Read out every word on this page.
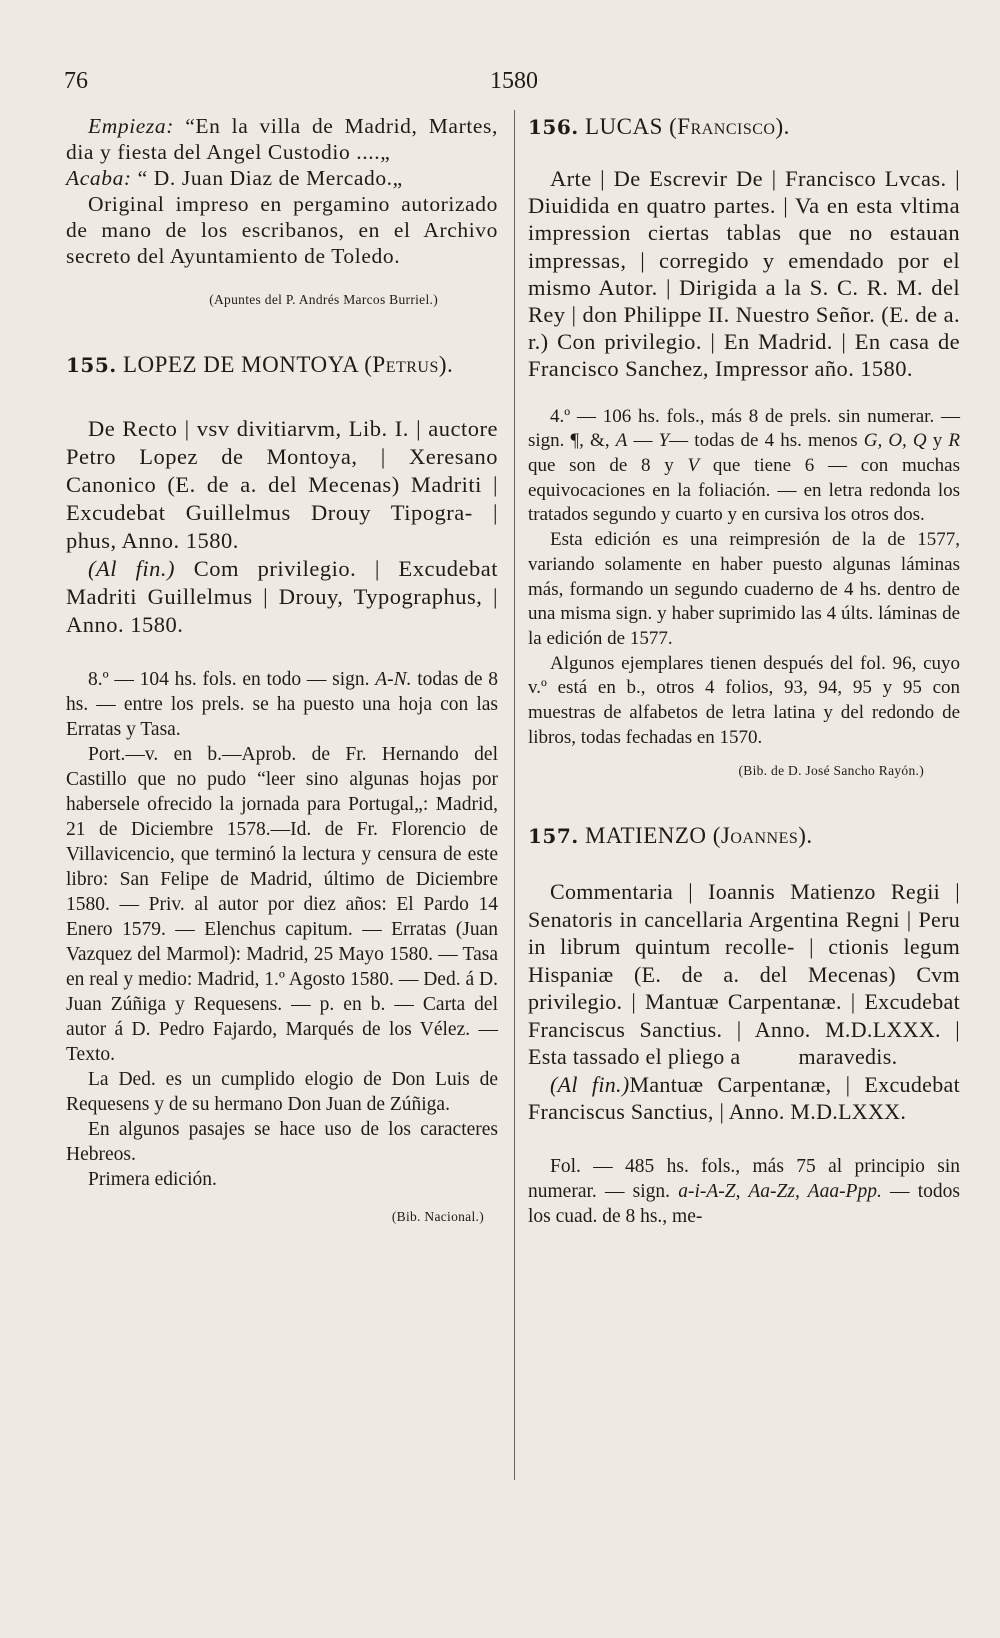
76	1580

Empieza: “En la villa de Madrid, Martes, dia y fiesta del Angel Custodio ....„
Acaba: “ D. Juan Diaz de Mercado.„

Original impreso en pergamino autorizado de mano de los escribanos, en el Archivo secreto del Ayuntamiento de Toledo.

(Apuntes del P. Andrés Marcos Burriel.)

155. LOPEZ DE MONTOYA (Petrus).

De Recto | vsv divitiarvm, Lib. I. | auctore Petro Lopez de Montoya, | Xeresano Canonico (E. de a. del Mecenas) Madriti | Excudebat Guillelmus Drouy Tipogra- | phus, Anno. 1580.

(Al fin.) Com privilegio. | Excudebat Madriti Guillelmus | Drouy, Typographus, | Anno. 1580.

8.º — 104 hs. fols. en todo — sign. A-N. todas de 8 hs. — entre los prels. se ha puesto una hoja con las Erratas y Tasa.

Port.—v. en b.—Aprob. de Fr. Hernando del Castillo que no pudo “leer sino algunas hojas por habersele ofrecido la jornada para Portugal„: Madrid, 21 de Diciembre 1578.—Id. de Fr. Florencio de Villavicencio, que terminó la lectura y censura de este libro: San Felipe de Madrid, último de Diciembre 1580. — Priv. al autor por diez años: El Pardo 14 Enero 1579. — Elenchus capitum. — Erratas (Juan Vazquez del Marmol): Madrid, 25 Mayo 1580. — Tasa en real y medio: Madrid, 1.º Agosto 1580. — Ded. á D. Juan Zúñiga y Requesens. — p. en b. — Carta del autor á D. Pedro Fajardo, Marqués de los Vélez. — Texto.

La Ded. es un cumplido elogio de Don Luis de Requesens y de su hermano Don Juan de Zúñiga.

En algunos pasajes se hace uso de los caracteres Hebreos.

Primera edición.

(Bib. Nacional.)

156. LUCAS (Francisco).

Arte | De Escrevir De | Francisco Lvcas. | Diuidida en quatro partes. | Va en esta vltima impression ciertas tablas que no estauan impressas, | corregido y emendado por el mismo Autor. | Dirigida a la S. C. R. M. del Rey | don Philippe II. Nuestro Señor. (E. de a. r.) Con privilegio. | En Madrid. | En casa de Francisco Sanchez, Impressor año. 1580.

4.º — 106 hs. fols., más 8 de prels. sin numerar. — sign. ¶, &, A — Y— todas de 4 hs. menos G, O, Q y R que son de 8 y V que tiene 6 — con muchas equivocaciones en la foliación. — en letra redonda los tratados segundo y cuarto y en cursiva los otros dos.

Esta edición es una reimpresión de la de 1577, variando solamente en haber puesto algunas láminas más, formando un segundo cuaderno de 4 hs. dentro de una misma sign. y haber suprimido las 4 últs. láminas de la edición de 1577.

Algunos ejemplares tienen después del fol. 96, cuyo v.º está en b., otros 4 folios, 93, 94, 95 y 95 con muestras de alfabetos de letra latina y del redondo de libros, todas fechadas en 1570.

(Bib. de D. José Sancho Rayón.)

157. MATIENZO (Joannes).

Commentaria | Ioannis Matienzo Regii | Senatoris in cancellaria Argentina Regni | Peru in librum quintum recolle- | ctionis legum Hispaniæ (E. de a. del Mecenas) Cvm privilegio. | Mantuæ Carpentanæ. | Excudebat Franciscus Sanctius. | Anno. M.D.LXXX. | Esta tassado el pliego a          maravedis.

(Al fin.)Mantuæ Carpentanæ, | Excudebat Franciscus Sanctius, | Anno. M.D.LXXX.

Fol. — 485 hs. fols., más 75 al principio sin numerar. — sign. a-i-A-Z, Aa-Zz, Aaa-Ppp. — todos los cuad. de 8 hs., me-
